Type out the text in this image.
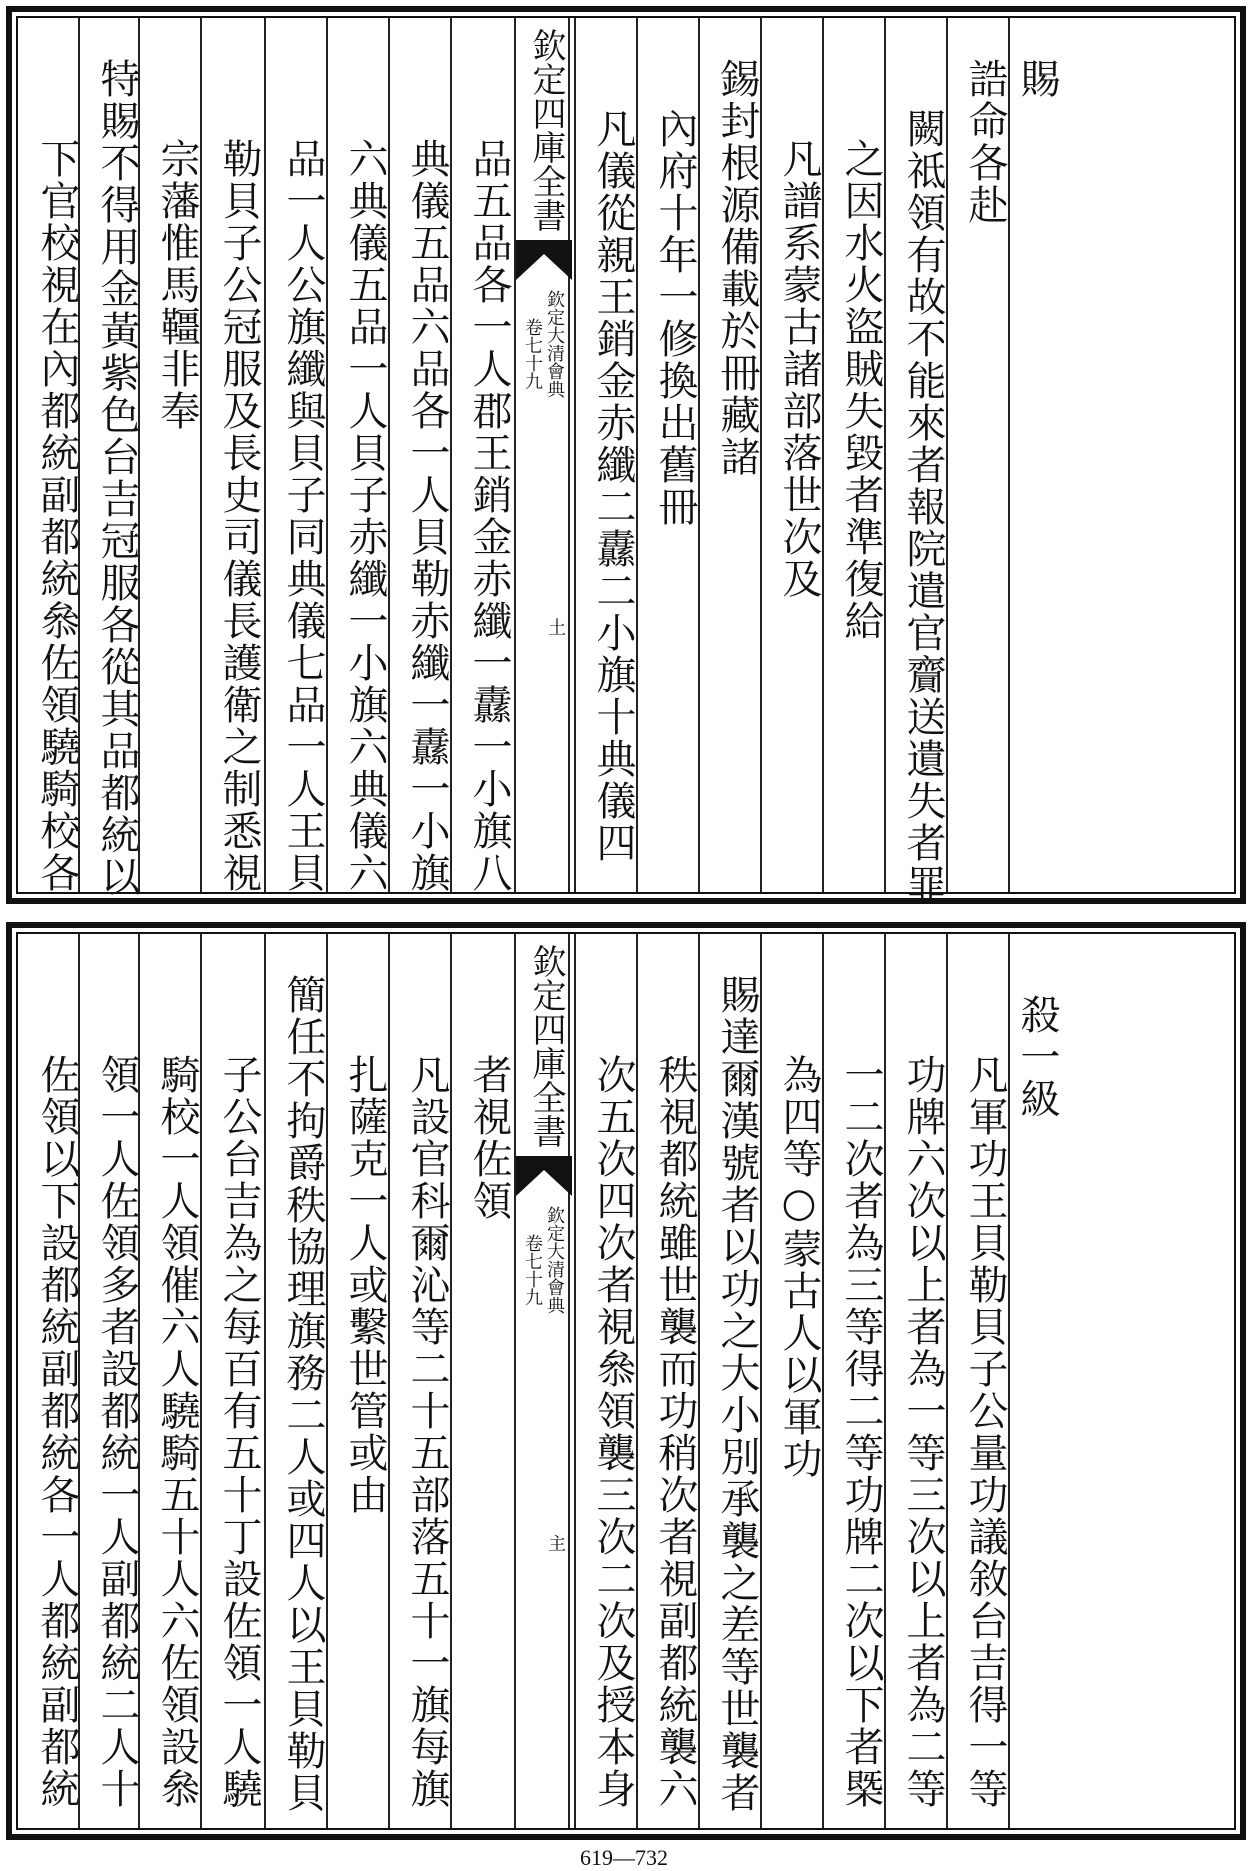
下官校視在內都統副都統叅佐領驍騎校各 特賜不得用金黃紫色台吉冠服各從其品都統以 宗藩惟馬韁非奉 勒貝子公冠服及長史司儀長護衛之制悉視 品一人公旗纖與貝子同典儀七品一人王貝 六典儀五品一人貝子赤纖一小旗六典儀六 典儀五品六品各一人貝勒赤纖一纛一小旗 品五品各一人郡王銷金赤纖一纛一小旗八
欽定四庫全書
欽定大清會典
卷七十九
土 凡儀從親王銷金赤纖二纛二小旗十典儀四 內府十年一修換出舊冊 錫封根源備載於冊藏諸 凡譜系蒙古諸部落世次及 之因水火盜賊失毀者準復給 闕祗領有故不能來者報院遣官齎送遺失者罪 誥命各赴 賜
佐領以下設都統副都統各一人都統副都統 領一人佐領多者設都統一人副都統二人十 騎校一人領催六人驍騎五十人六佐領設叅 子公台吉為之每百有五十丁設佐領一人驍 簡任不拘爵秩協理旗務二人或四人以王貝勒貝 扎薩克一人或繫世管或由 凡設官科爾沁等二十五部落五十一旗每旗 者視佐領 欽定四庫全書
欽定大清會典
卷七十九
主 次五次四次者視叅領襲三次二次及授本身 秩視都統雖世襲而功稍次者視副都統襲六 賜達爾漢號者以功之大小別承襲之差等世襲者 為四等○蒙古人以軍功 一二次者為三等得二等功牌二次以下者槩 功牌六次以上者為一等三次以上者為二等 凡軍功王貝勒貝子公量功議敘台吉得一等 殺一級
619—732
